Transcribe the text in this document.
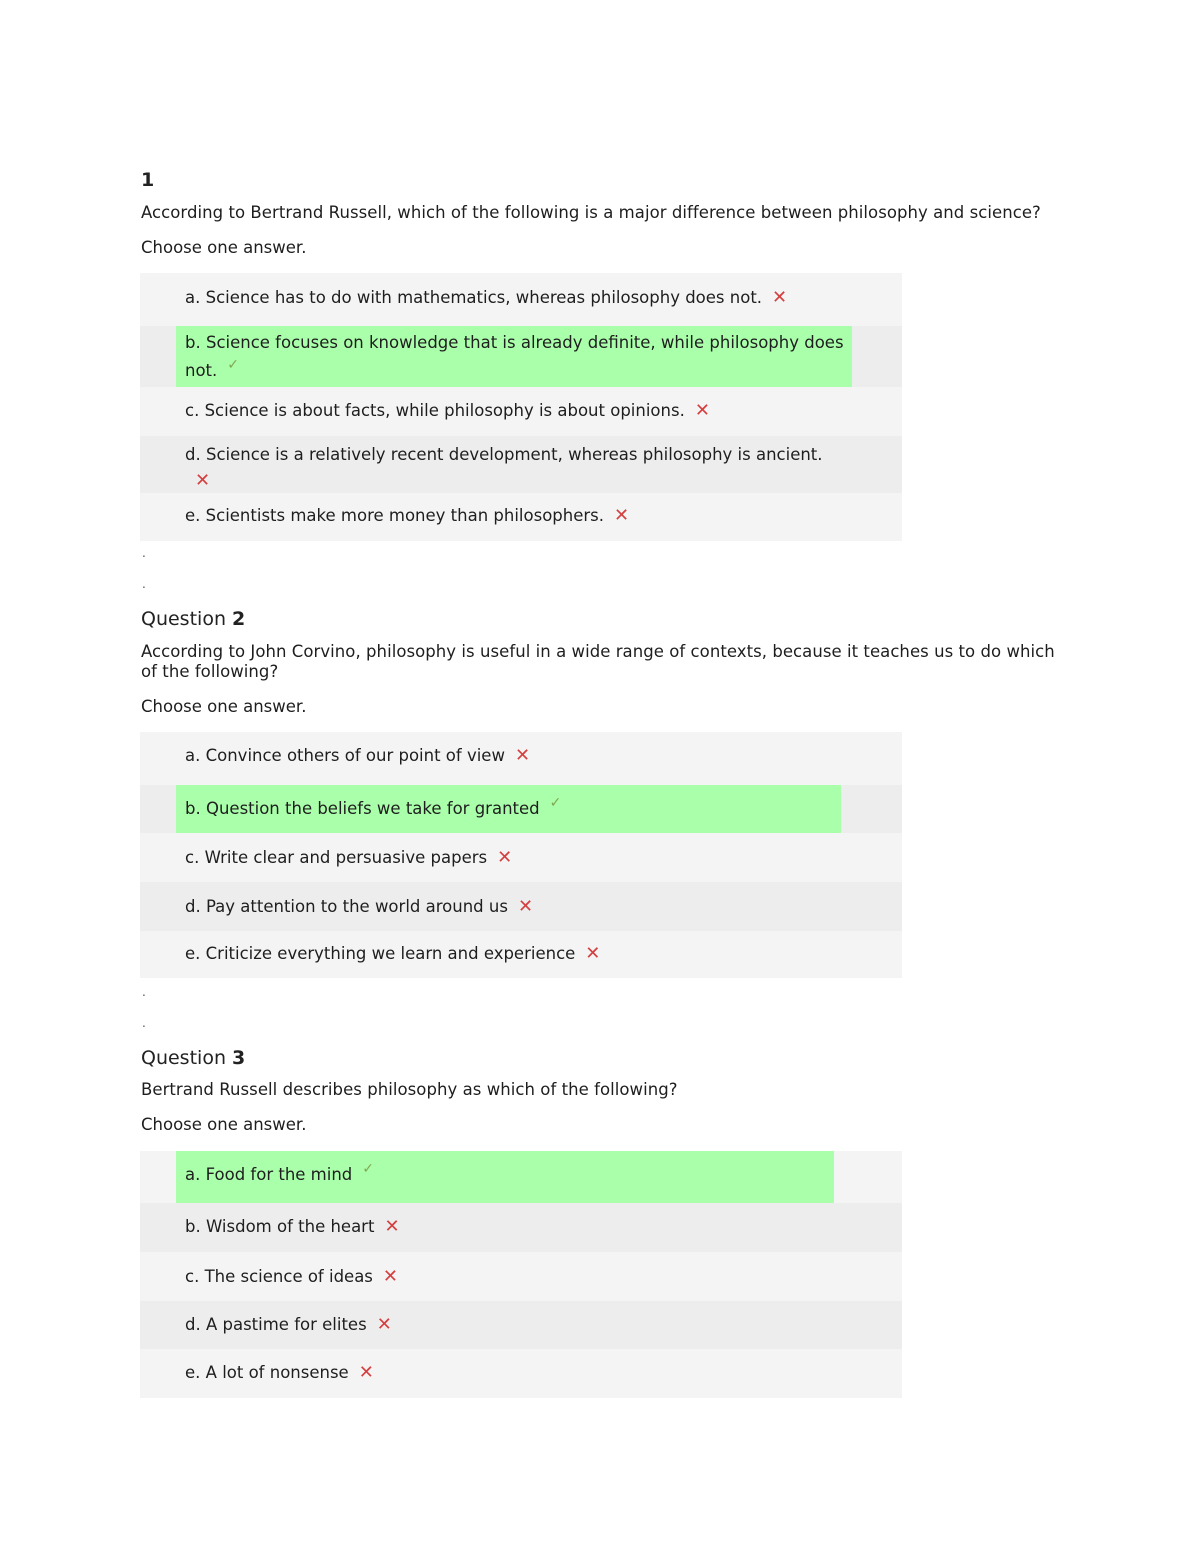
1

According to Bertrand Russell, which of the following is a major difference between philosophy and science?

Choose one answer.
a. Science has to do with mathematics, whereas philosophy does not. ✕
b. Science focuses on knowledge that is already definite, while philosophy does not. ✓
c. Science is about facts, while philosophy is about opinions. ✕
d. Science is a relatively recent development, whereas philosophy is ancient.✕
e. Scientists make more money than philosophers. ✕
Question 2

According to John Corvino, philosophy is useful in a wide range of contexts, because it teaches us to do which of the following?

Choose one answer.
a. Convince others of our point of view ✕
b. Question the beliefs we take for granted ✓
c. Write clear and persuasive papers ✕
d. Pay attention to the world around us ✕
e. Criticize everything we learn and experience ✕
Question 3

Bertrand Russell describes philosophy as which of the following?

Choose one answer.
a. Food for the mind ✓
b. Wisdom of the heart ✕
c. The science of ideas ✕
d. A pastime for elites ✕
e. A lot of nonsense ✕
.
.
.
.
